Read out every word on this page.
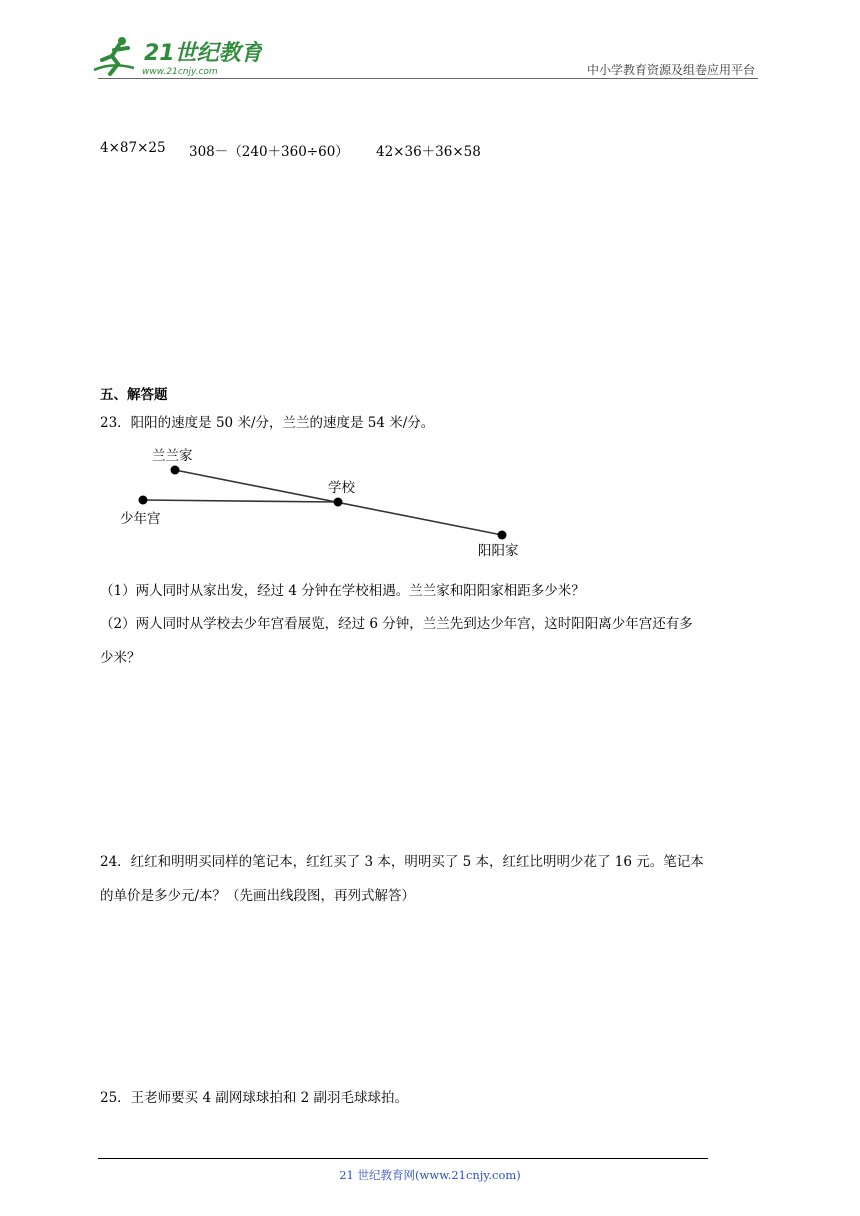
21世纪教育
www.21cnjy.com	中小学教育资源及组卷应用平台
4×87×25 308－（240＋360÷60） 42×36＋36×58
五、解答题
23．阳阳的速度是 50 米/分，兰兰的速度是 54 米/分。
兰兰家
学校
少年宫
阳阳家
（1）两人同时从家出发，经过 4 分钟在学校相遇。兰兰家和阳阳家相距多少米？
（2）两人同时从学校去少年宫看展览，经过 6 分钟，兰兰先到达少年宫，这时阳阳离少年宫还有多
少米？
24．红红和明明买同样的笔记本，红红买了 3 本，明明买了 5 本，红红比明明少花了 16 元。笔记本
的单价是多少元/本？（先画出线段图，再列式解答）
25．王老师要买 4 副网球球拍和 2 副羽毛球球拍。
21 世纪教育网(www.21cnjy.com)
